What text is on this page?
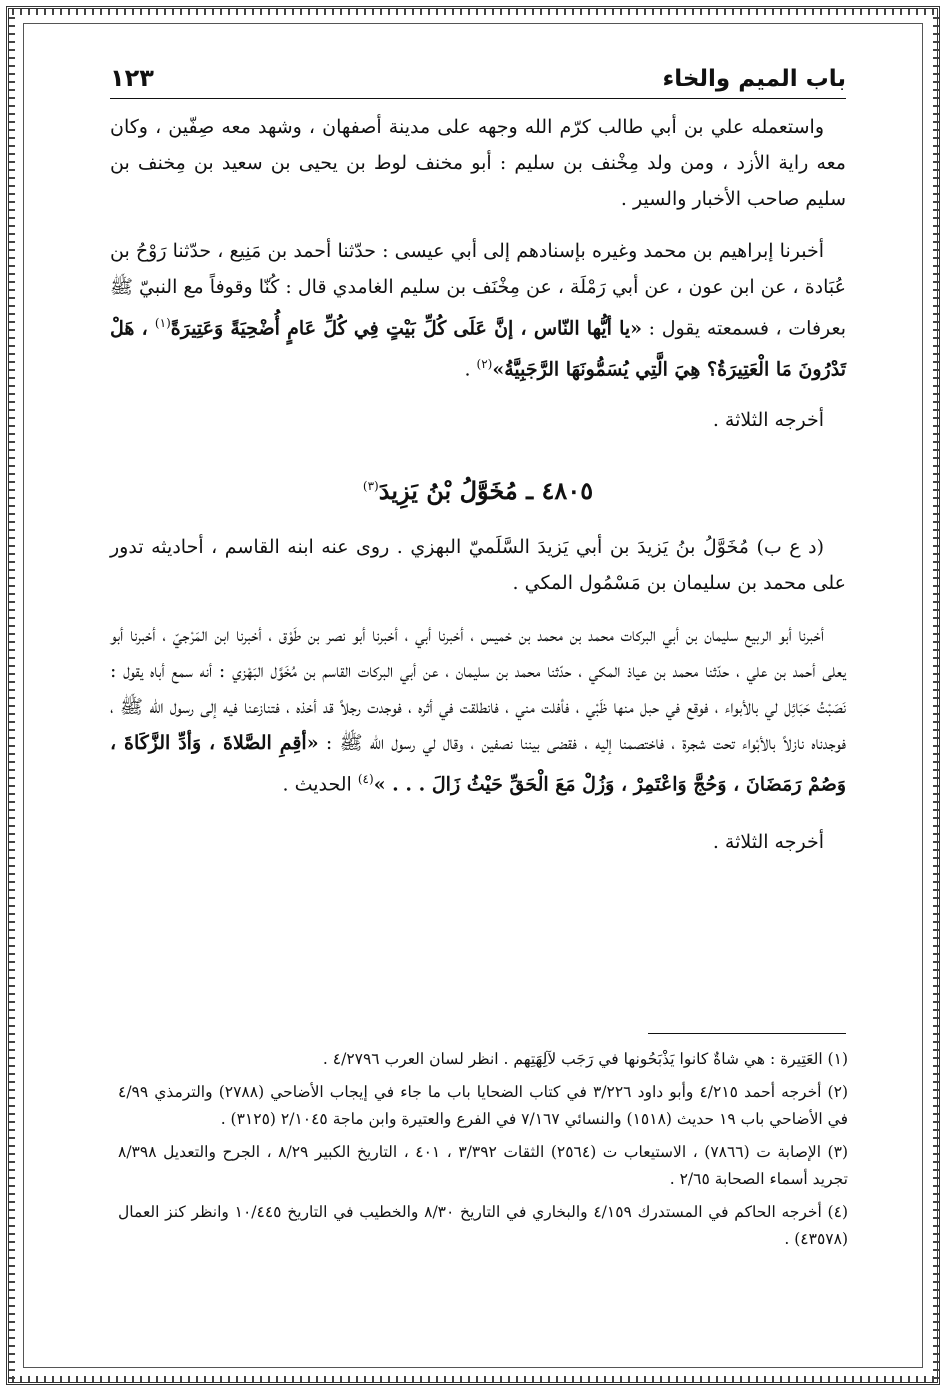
باب الميم والخاء
١٢٣

واستعمله علي بن أبي طالب كرّم الله وجهه على مدينة أصفهان ، وشهد معه صِفّين ، وكان معه راية الأزد ، ومن ولد مِخْنف بن سليم : أبو مخنف لوط بن يحيى بن سعيد بن مِخنف بن سليم صاحب الأخبار والسير .

أخبرنا إبراهيم بن محمد وغيره بإسنادهم إلى أبي عيسى : حدّثنا أحمد بن مَنِيع ، حدّثنا رَوْحُ بن عُبَادة ، عن ابن عون ، عن أبي رَمْلَة ، عن مِخْنَف بن سليم الغامدي قال : كُنّا وقوفاً مع النبيّ ﷺ بعرفات ، فسمعته يقول : «يا أيُّها النّاس ، إنَّ عَلَى كُلِّ بَيْتٍ فِي كُلِّ عَامٍ أُضْحِيَةً وَعَتِيرَةً$^{(١)}$ ، هَلْ تَدْرُونَ مَا الْعَتِيرَةُ؟ هِيَ الَّتِي يُسَمُّونَهَا الرَّجَبِيَّةُ»$^{(٢)}$ .

أخرجه الثلاثة .

٤٨٠٥ ـ مُخَوَّلُ بْنُ يَزِيدَ$^{(٣)}$

(د ع ب) مُخَوَّلُ بنُ يَزيدَ بن أبي يَزيدَ السَّلَميّ البهزي . روى عنه ابنه القاسم ، أحاديثه تدور على محمد بن سليمان بن مَسْمُول المكي .

أخبرنا أبو الربيع سليمان بن أبي البركات محمد بن محمد بن خميس ، أخبرنا أبي ، أخبرنا أبو نصر بن طَوْق ، أخبرنا ابن المَرْجيّ ، أخبرنا أبو يعلى أحمد بن علي ، حدّثنا محمد بن عياذ المكي ، حدّثنا محمد بن سليمان ، عن أبي البركات القاسم بن مُخَوَّل البَهْزي : أنه سمع أباه يقول : نَصَبْتُ حَبَائِل لي بالأبواء ، فوقع في حبل منها ظَبْي ، فأفلت مني ، فانطلقت في أثره ، فوجدت رجلاً قد أخذه ، فتنازعنا فيه إلى رسول الله ﷺ ، فوجدناه نازلاً بالأبْواء تحت شجرة ، فاختصمنا إليه ، فقضى بيننا نصفين ، وقال لي رسول الله ﷺ : «أقِمِ الصَّلاةَ ، وَأدِّ الزَّكَاةَ ، وَصُمْ رَمَضَانَ ، وَحُجَّ وَاعْتَمِرْ ، وَزُلْ مَعَ الْحَقِّ حَيْثُ زَالَ . . . »$^{(٤)}$ الحديث .

أخرجه الثلاثة .

(١) العَتِيرة : هي شاةٌ كانوا يَذْبَحُونها في رَجَب لآلِهَتِهم . انظر لسان العرب ٤/٢٧٩٦ .

(٢) أخرجه أحمد ٤/٢١٥ وأبو داود ٣/٢٢٦ في كتاب الضحايا باب ما جاء في إيجاب الأضاحي (٢٧٨٨) والترمذي ٤/٩٩ في الأضاحي باب ١٩ حديث (١٥١٨) والنسائي ٧/١٦٧ في الفرع والعتيرة وابن ماجة ٢/١٠٤٥ (٣١٢٥) .

(٣) الإصابة ت (٧٨٦٦) ، الاستيعاب ت (٢٥٦٤) الثقات ٣/٣٩٢ ، ٤٠١ ، التاريخ الكبير ٨/٢٩ ، الجرح والتعديل ٨/٣٩٨ تجريد أسماء الصحابة ٢/٦٥ .

(٤) أخرجه الحاكم في المستدرك ٤/١٥٩ والبخاري في التاريخ ٨/٣٠ والخطيب في التاريخ ١٠/٤٤٥ وانظر كنز العمال (٤٣٥٧٨) .
